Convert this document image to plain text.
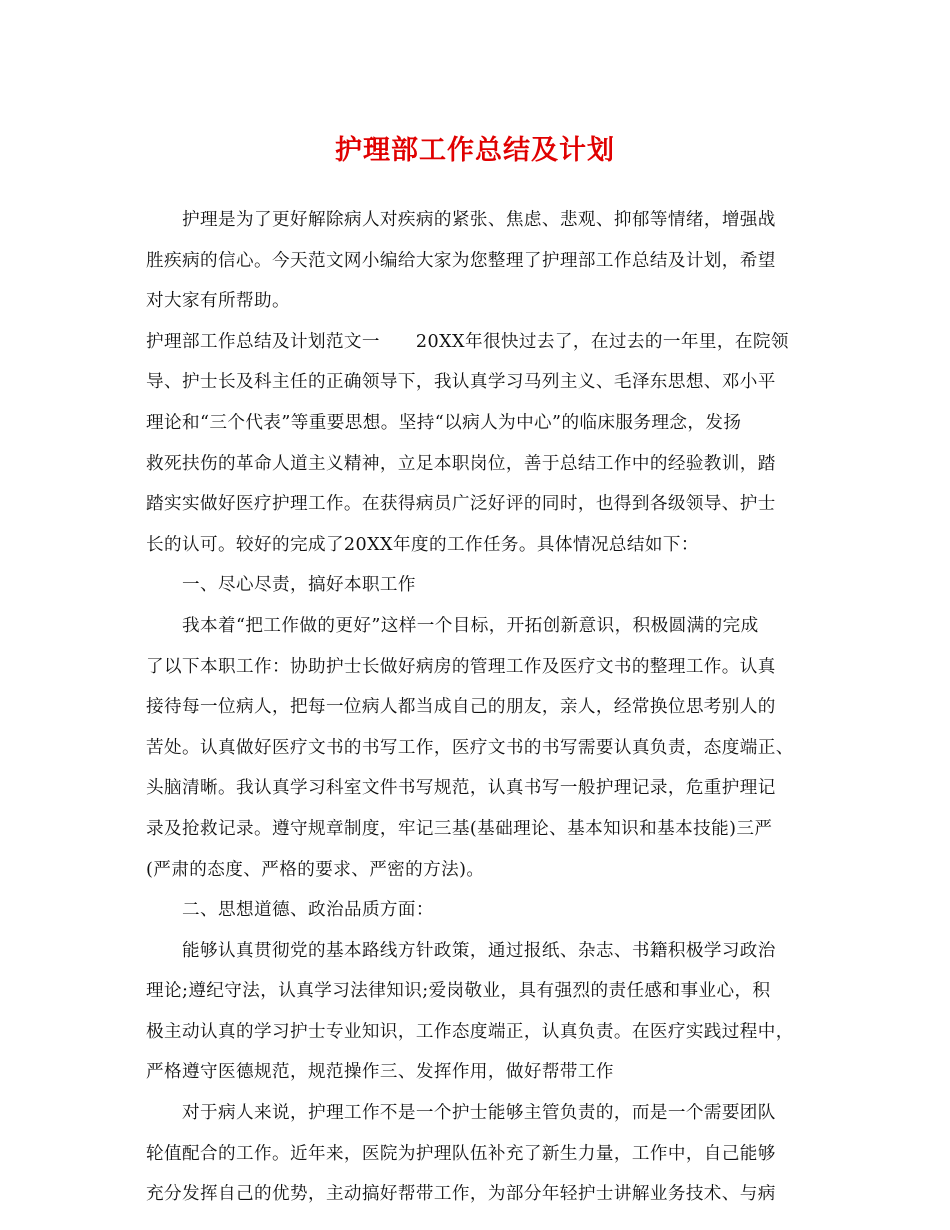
护理部工作总结及计划
护理是为了更好解除病人对疾病的紧张、焦虑、悲观、抑郁等情绪，增强战
胜疾病的信心。今天范文网小编给大家为您整理了护理部工作总结及计划，希望
对大家有所帮助。
护理部工作总结及计划范文一　　20XX年很快过去了，在过去的一年里，在院领
导、护士长及科主任的正确领导下，我认真学习马列主义、毛泽东思想、邓小平
理论和“三个代表”等重要思想。坚持“以病人为中心”的临床服务理念，发扬
救死扶伤的革命人道主义精神，立足本职岗位，善于总结工作中的经验教训，踏
踏实实做好医疗护理工作。在获得病员广泛好评的同时，也得到各级领导、护士
长的认可。较好的完成了20XX年度的工作任务。具体情况总结如下：
一、尽心尽责，搞好本职工作
我本着“把工作做的更好”这样一个目标，开拓创新意识，积极圆满的完成
了以下本职工作：协助护士长做好病房的管理工作及医疗文书的整理工作。认真
接待每一位病人，把每一位病人都当成自己的朋友，亲人，经常换位思考别人的
苦处。认真做好医疗文书的书写工作，医疗文书的书写需要认真负责，态度端正、
头脑清晰。我认真学习科室文件书写规范，认真书写一般护理记录，危重护理记
录及抢救记录。遵守规章制度，牢记三基(基础理论、基本知识和基本技能)三严
(严肃的态度、严格的要求、严密的方法)。
二、思想道德、政治品质方面：
能够认真贯彻党的基本路线方针政策，通过报纸、杂志、书籍积极学习政治
理论;遵纪守法，认真学习法律知识;爱岗敬业，具有强烈的责任感和事业心，积
极主动认真的学习护士专业知识，工作态度端正，认真负责。在医疗实践过程中，
严格遵守医德规范，规范操作三、发挥作用，做好帮带工作
对于病人来说，护理工作不是一个护士能够主管负责的，而是一个需要团队
轮值配合的工作。近年来，医院为护理队伍补充了新生力量，工作中，自己能够
充分发挥自己的优势，主动搞好帮带工作，为部分年轻护士讲解业务技术、与病
